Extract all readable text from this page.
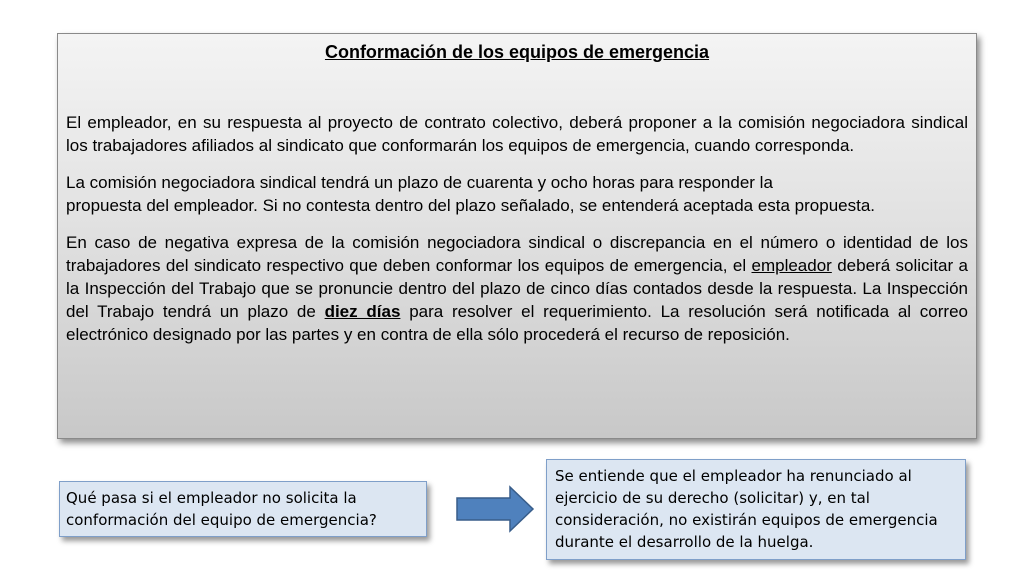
Conformación de los equipos de emergencia

El empleador, en su respuesta al proyecto de contrato colectivo, deberá proponer a la comisión negociadora sindical los trabajadores afiliados al sindicato que conformarán los equipos de emergencia, cuando corresponda.

La comisión negociadora sindical tendrá un plazo de cuarenta y ocho horas para responder la
propuesta del empleador. Si no contesta dentro del plazo señalado, se entenderá aceptada esta propuesta.

En caso de negativa expresa de la comisión negociadora sindical o discrepancia en el número o identidad de los trabajadores del sindicato respectivo que deben conformar los equipos de emergencia, el empleador deberá solicitar a la Inspección del Trabajo que se pronuncie dentro del plazo de cinco días contados desde la respuesta. La Inspección del Trabajo tendrá un plazo de diez días para resolver el requerimiento. La resolución será notificada al correo electrónico designado por las partes y en contra de ella sólo procederá el recurso de reposición.

Qué pasa si el empleador no solicita la conformación del equipo de emergencia?
Se entiende que el empleador ha renunciado al ejercicio de su derecho (solicitar) y, en tal consideración, no existirán equipos de emergencia durante el desarrollo de la huelga.
